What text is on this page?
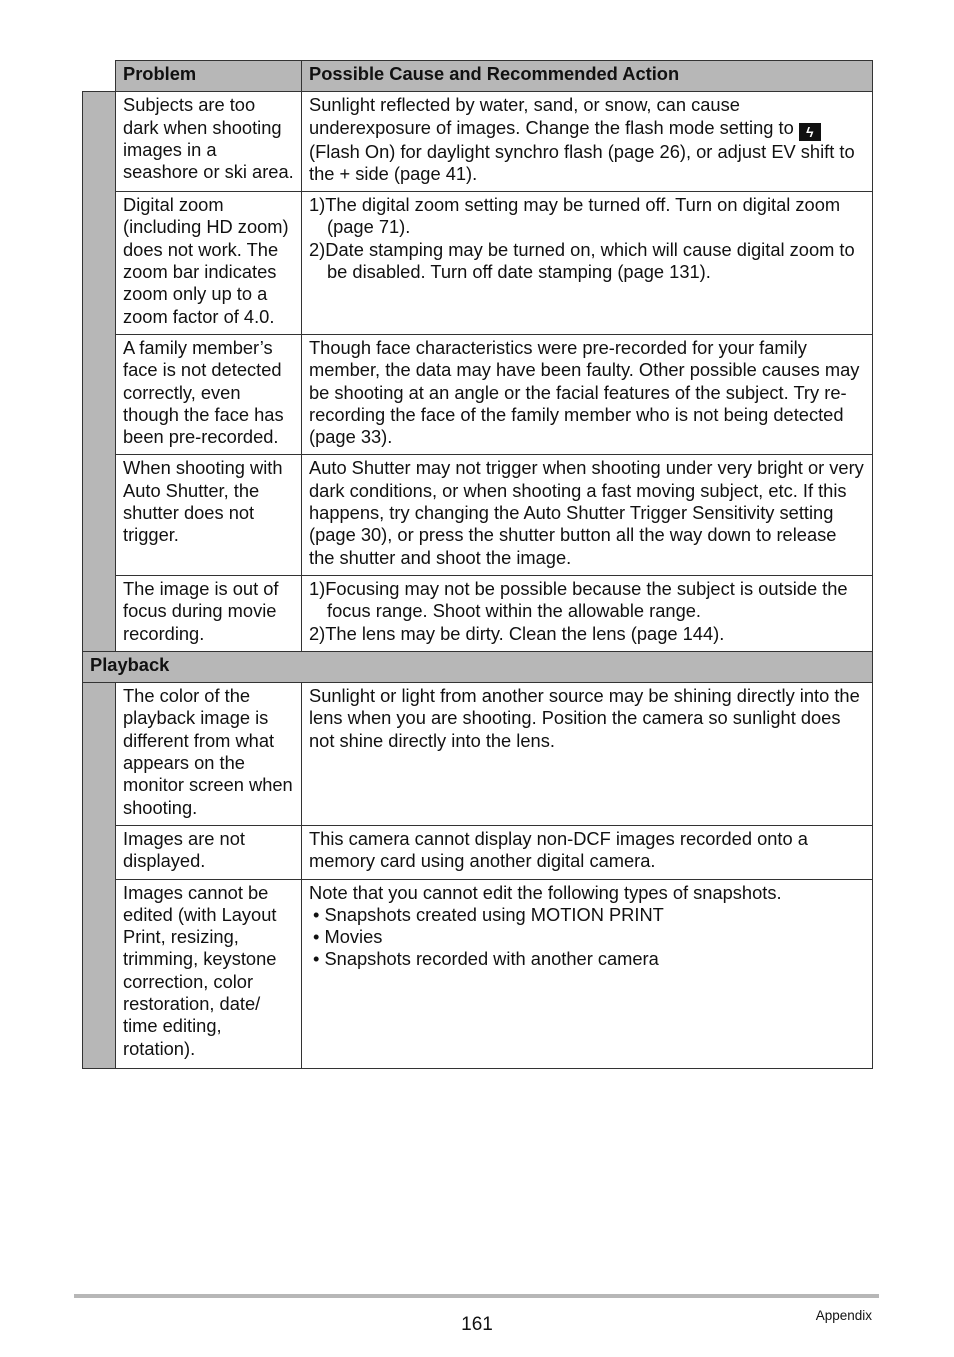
	Problem	Possible Cause and Recommended Action
	Subjects are too dark when shooting images in a seashore or ski area.	Sunlight reflected by water, sand, or snow, can cause underexposure of images. Change the flash mode setting to ϟ (Flash On) for daylight synchro flash (page 26), or adjust EV shift to the + side (page 41).
	Digital zoom (including HD zoom) does not work. The zoom bar indicates zoom only up to a zoom factor of 4.0.	1)The digital zoom setting may be turned off. Turn on digital zoom (page 71).
2)Date stamping may be turned on, which will cause digital zoom to be disabled. Turn off date stamping (page 131).

	A family member’s face is not detected correctly, even though the face has been pre-recorded.	Though face characteristics were pre-recorded for your family member, the data may have been faulty. Other possible causes may be shooting at an angle or the facial features of the subject. Try re-recording the face of the family member who is not being detected (page 33).
	When shooting with Auto Shutter, the shutter does not trigger.	Auto Shutter may not trigger when shooting under very bright or very dark conditions, or when shooting a fast moving subject, etc. If this happens, try changing the Auto Shutter Trigger Sensitivity setting (page 30), or press the shutter button all the way down to release the shutter and shoot the image.
	The image is out of focus during movie recording.	1)Focusing may not be possible because the subject is outside the focus range. Shoot within the allowable range.
2)The lens may be dirty. Clean the lens (page 144).

Playback		
	The color of the playback image is different from what appears on the monitor screen when shooting.	Sunlight or light from another source may be shining directly into the lens when you are shooting. Position the camera so sunlight does not shine directly into the lens.
	Images are not displayed.	This camera cannot display non-DCF images recorded onto a memory card using another digital camera.
	Images cannot be edited (with Layout Print, resizing, trimming, keystone correction, color restoration, date/ time editing, rotation).	Note that you cannot edit the following types of snapshots.
• Snapshots created using MOTION PRINT
• Movies
• Snapshots recorded with another camera
161	Appendix
